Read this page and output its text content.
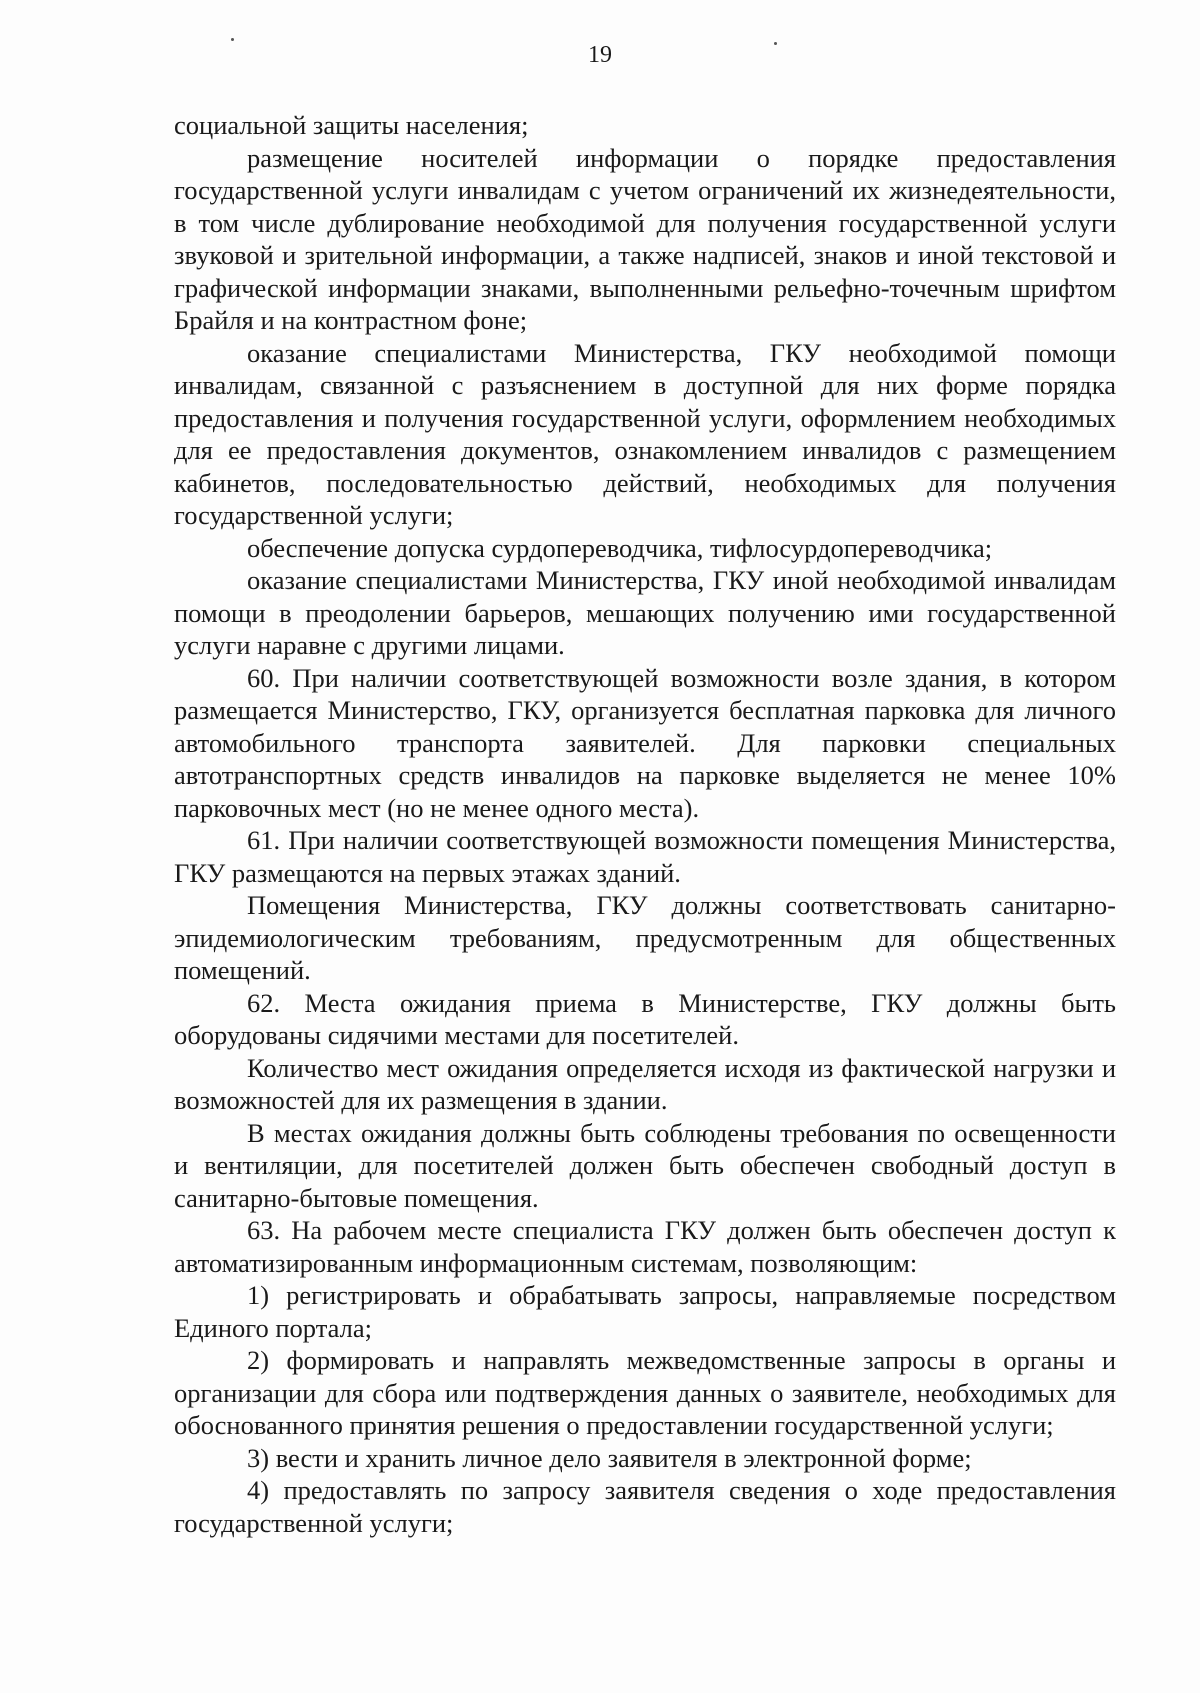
19

социальной защиты населения;

размещение носителей информации о порядке предоставления государственной услуги инвалидам с учетом ограничений их жизнедеятельности, в том числе дублирование необходимой для получения государственной услуги звуковой и зрительной информации, а также надписей, знаков и иной текстовой и графической информации знаками, выполненными рельефно-точечным шрифтом Брайля и на контрастном фоне;

оказание специалистами Министерства, ГКУ необходимой помощи инвалидам, связанной с разъяснением в доступной для них форме порядка предоставления и получения государственной услуги, оформлением необходимых для ее предоставления документов, ознакомлением инвалидов с размещением кабинетов, последовательностью действий, необходимых для получения государственной услуги;

обеспечение допуска сурдопереводчика, тифлосурдопереводчика;

оказание специалистами Министерства, ГКУ иной необходимой инвалидам помощи в преодолении барьеров, мешающих получению ими государственной услуги наравне с другими лицами.

60. При наличии соответствующей возможности возле здания, в котором размещается Министерство, ГКУ, организуется бесплатная парковка для личного автомобильного транспорта заявителей. Для парковки специальных автотранспортных средств инвалидов на парковке выделяется не менее 10% парковочных мест (но не менее одного места).

61. При наличии соответствующей возможности помещения Министерства, ГКУ размещаются на первых этажах зданий.

Помещения Министерства, ГКУ должны соответствовать санитарно-эпидемиологическим требованиям, предусмотренным для общественных помещений.

62. Места ожидания приема в Министерстве, ГКУ должны быть оборудованы сидячими местами для посетителей.

Количество мест ожидания определяется исходя из фактической нагрузки и возможностей для их размещения в здании.

В местах ожидания должны быть соблюдены требования по освещенности и вентиляции, для посетителей должен быть обеспечен свободный доступ в санитарно-бытовые помещения.

63. На рабочем месте специалиста ГКУ должен быть обеспечен доступ к автоматизированным информационным системам, позволяющим:

1) регистрировать и обрабатывать запросы, направляемые посредством Единого портала;

2) формировать и направлять межведомственные запросы в органы и организации для сбора или подтверждения данных о заявителе, необходимых для обоснованного принятия решения о предоставлении государственной услуги;

3) вести и хранить личное дело заявителя в электронной форме;

4) предоставлять по запросу заявителя сведения о ходе предоставления государственной услуги;
